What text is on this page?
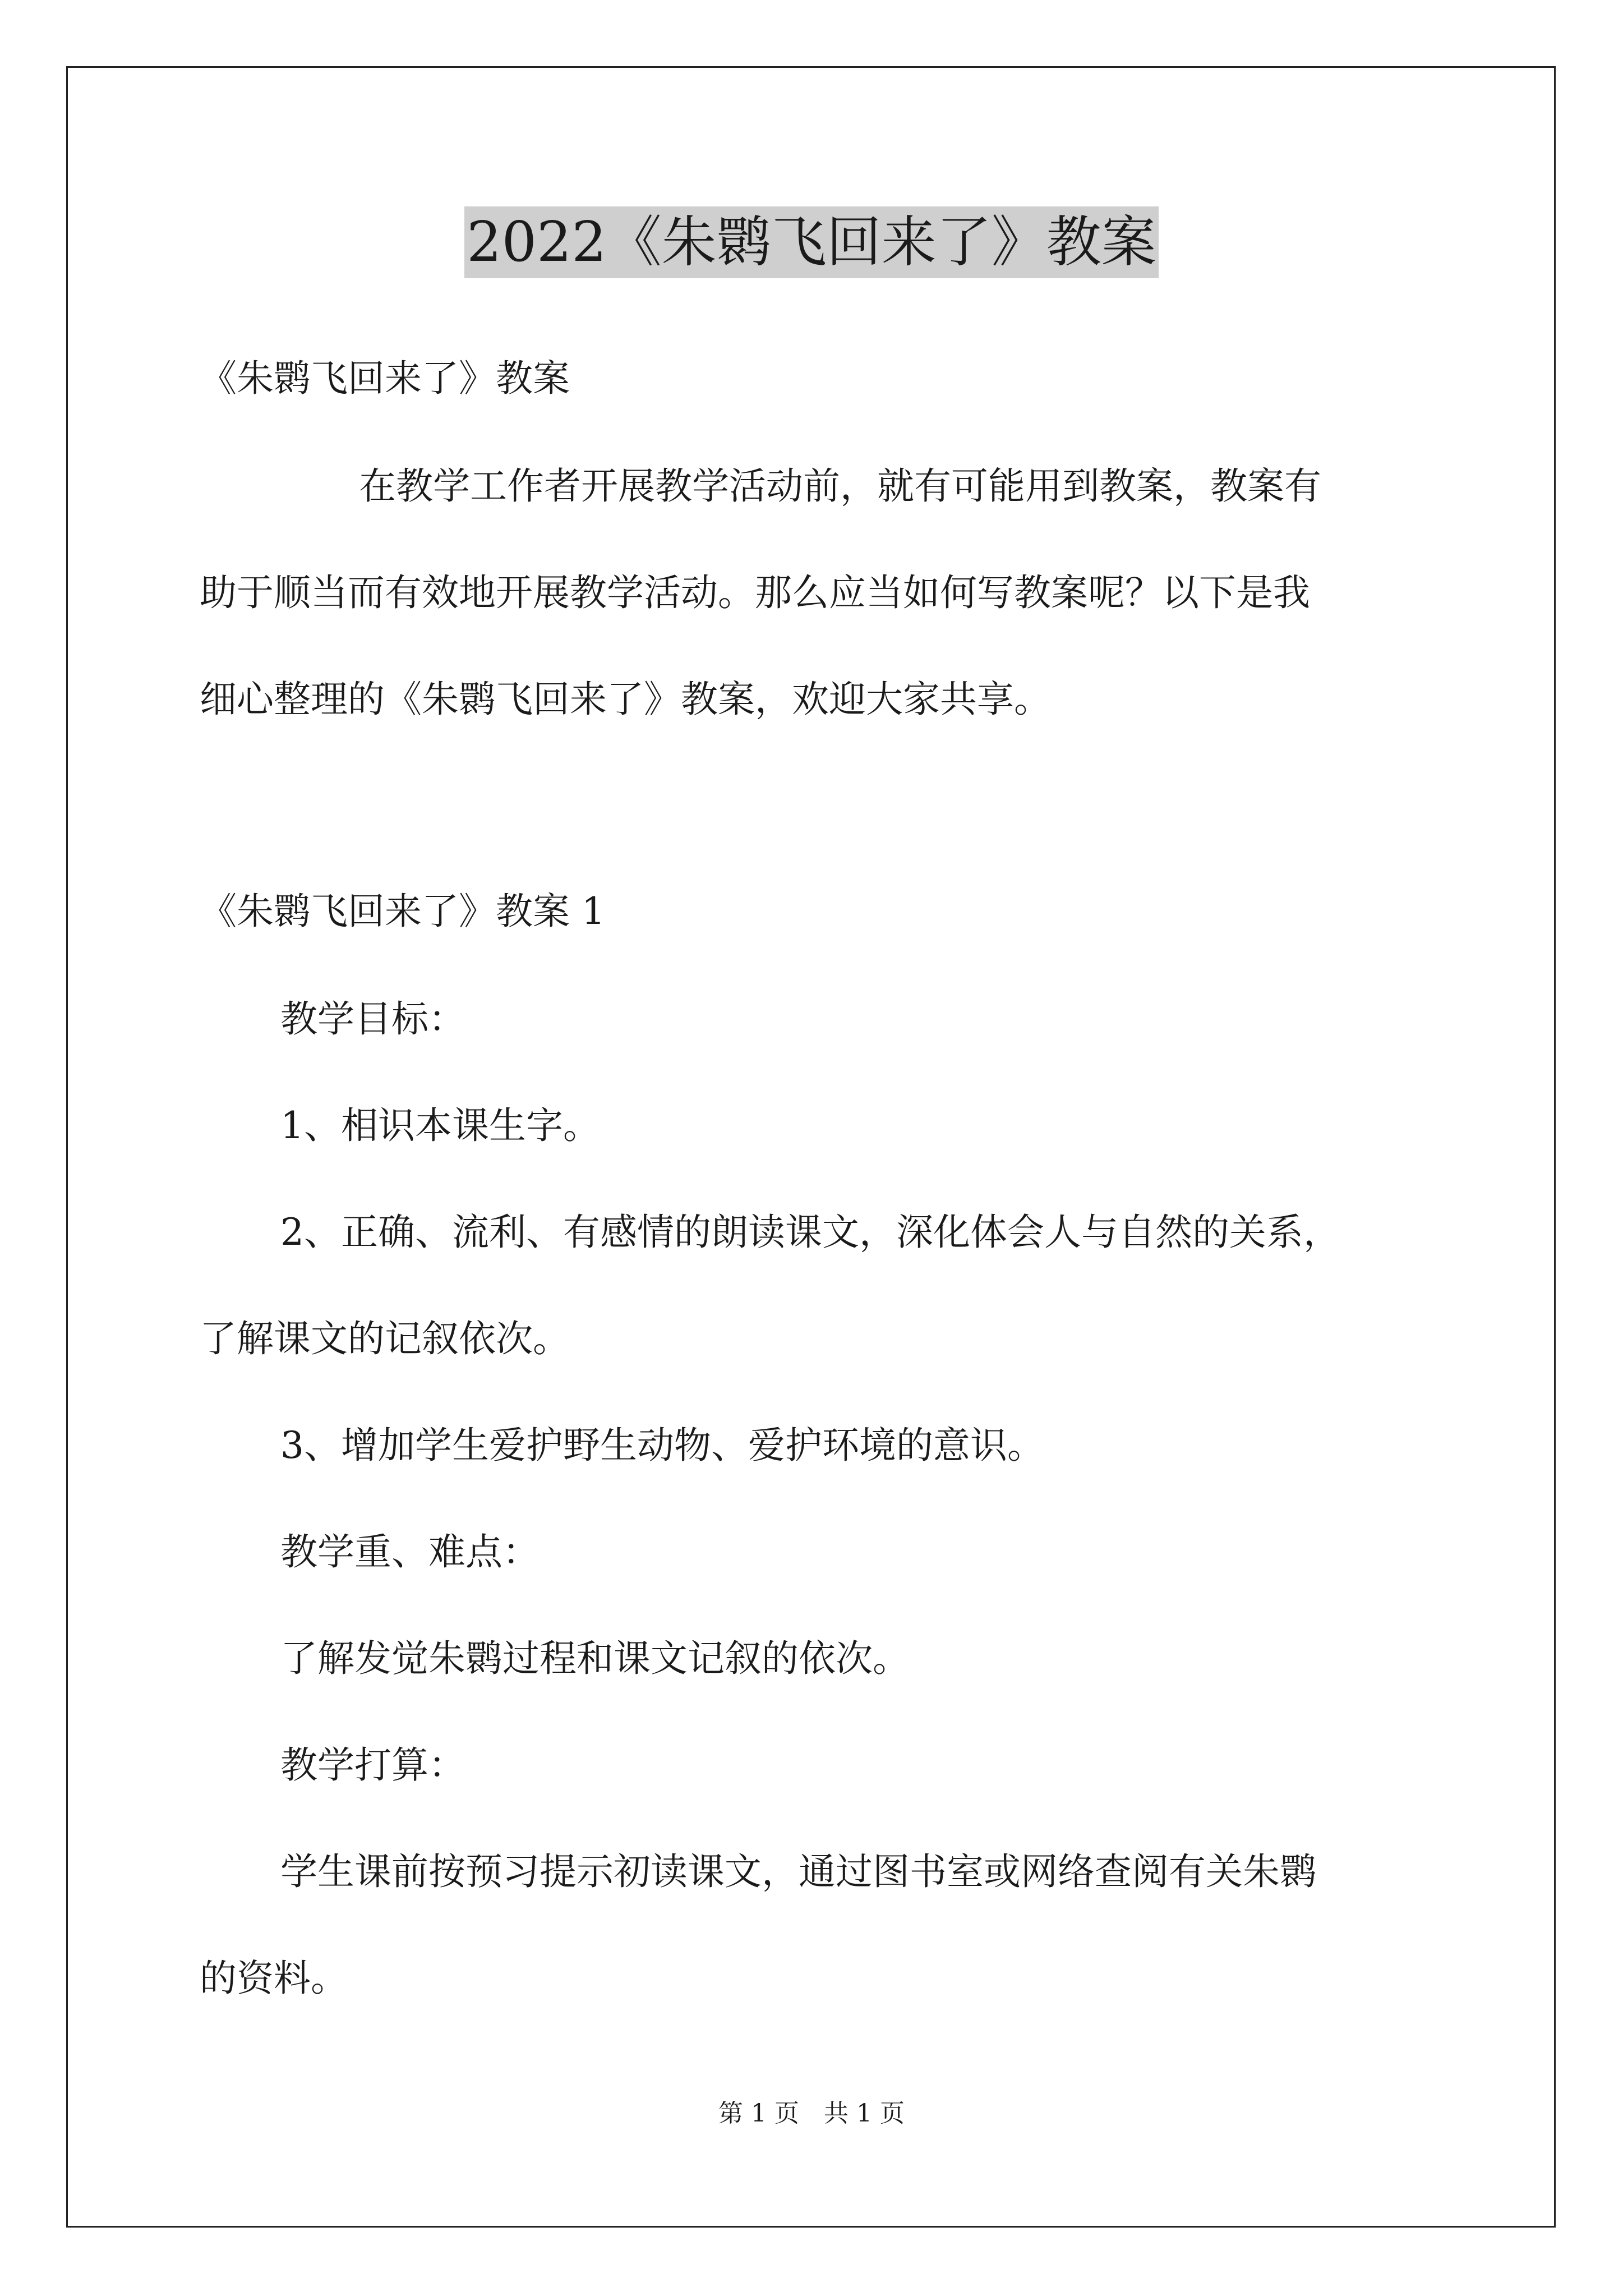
2022《朱鹮飞回来了》教案
《朱鹮飞回来了》教案
在教学工作者开展教学活动前，就有可能用到教案，教案有
助于顺当而有效地开展教学活动。那么应当如何写教案呢？以下是我
细心整理的《朱鹮飞回来了》教案，欢迎大家共享。
《朱鹮飞回来了》教案 1
教学目标：
1、相识本课生字。
2、正确、流利、有感情的朗读课文，深化体会人与自然的关系，
了解课文的记叙依次。
3、增加学生爱护野生动物、爱护环境的意识。
教学重、难点：
了解发觉朱鹮过程和课文记叙的依次。
教学打算：
学生课前按预习提示初读课文，通过图书室或网络查阅有关朱鹮
的资料。
第 1 页　共 1 页
